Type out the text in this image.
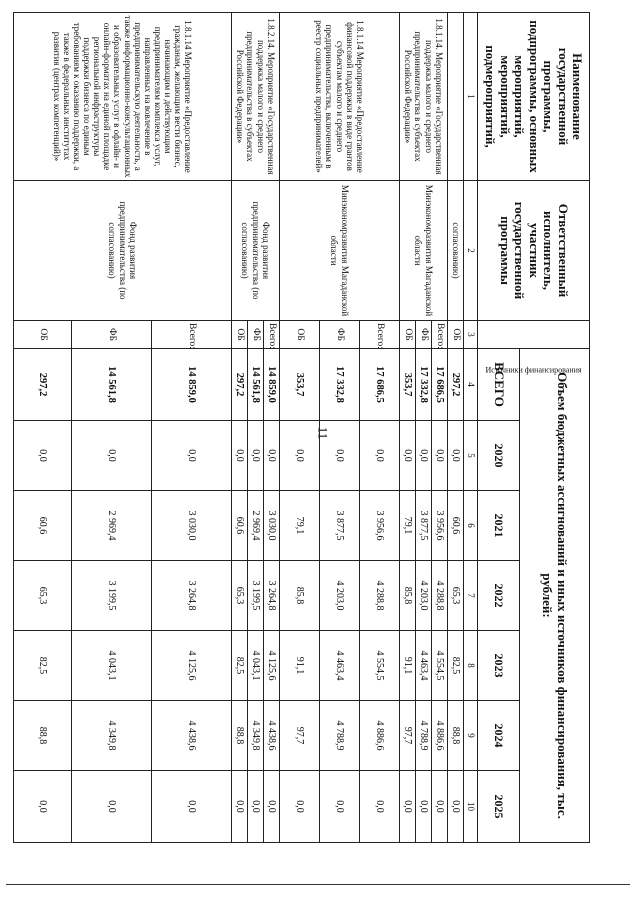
11
Наименование государственной программы, подпрограммы, основных мероприятий, мероприятий, подмероприятий,	Ответственный исполнитель, участник государственной программы	Источники финансирования	Объем бюджетных ассигнований и иных источников финансирования, тыс. рублей:						
			ВСЕГО	2020	2021	2022	2023	2024	2025
1	2	3	4	5	6	7	8	9	10
	согласованию)	ОБ	297,2	0,0	60,6	65,3	82,5	88,8	0,0
1.8.1.14. Мероприятие «Государственная поддержка малого и среднего предпринимательства в субъектах Российской Федерации»	Минэкономразвития Магаданской области	Всего:	17 686,5	0,0	3 956,6	4 288,8	4 554,5	4 886,6	0,0
		ФБ	17 332,8	0,0	3 877,5	4 203,0	4 463,4	4 788,9	0,0
		ОБ	353,7	0,0	79,1	85,8	91,1	97,7	0,0
1.8.1.14 Мероприятие «Предоставление финансовой поддержки в виде грантов субъектам малого и среднего предпринимательства, включенным в реестр социальных предпринимателей»	Минэкономразвития Магаданской области	Всего:	17 686,5	0,0	3 956,6	4 288,8	4 554,5	4 886,6	0,0
		ФБ	17 332,8	0,0	3 877,5	4 203,0	4 463,4	4 788,9	0,0
		ОБ	353,7	0,0	79,1	85,8	91,1	97,7	0,0
1.8.2.14. Мероприятие «Государственная поддержка малого и среднего предпринимательства в субъектах Российской Федерации»	Фонд развития предпринимательства (по согласованию)	Всего:	14 859,0	0,0	3 030,0	3 264,8	4 125,6	4 438,6	0,0
		ФБ	14 561,8	0,0	2 969,4	3 199,5	4 043,1	4 349,8	0,0
		ОБ	297,2	0,0	60,6	65,3	82,5	88,8	0,0
1.8.1.14 Мероприятие «Предоставление гражданам, желающим вести бизнес, начинающим и действующим предпринимателям комплекса услуг, направленных на вовлечение в предпринимательскую деятельность, а также информационно-консультационных и образовательных услуг в офлайн- и онлайн-форматах на единой площадке региональной инфраструктуры поддержки бизнеса по единым требованиям к оказанию поддержки, а также в федеральных институтах развития (центрах компетенций)»	Фонд развития предпринимательства (по согласованию)	Всего:	14 859,0	0,0	3 030,0	3 264,8	4 125,6	4 438,6	0,0
		ФБ	14 561,8	0,0	2 969,4	3 199,5	4 043,1	4 349,8	0,0
		ОБ	297,2	0,0	60,6	65,3	82,5	88,8	0,0
